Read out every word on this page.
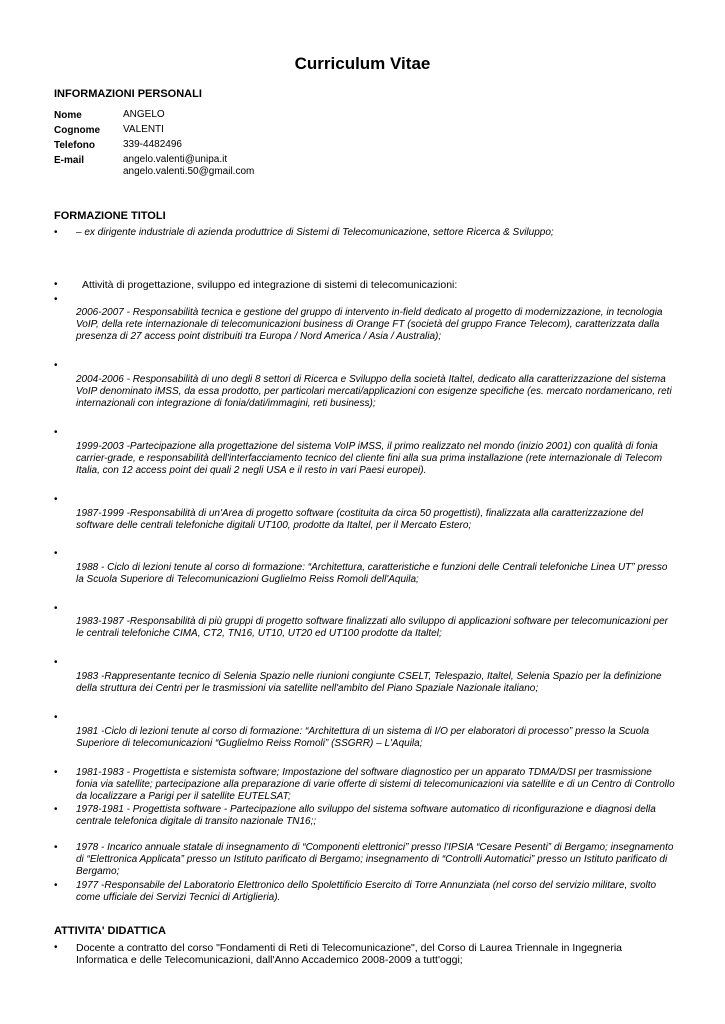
Curriculum Vitae
INFORMAZIONI PERSONALI
Nome	ANGELO
Cognome VALENTI
Telefono	339-4482496
E-mail	angelo.valenti@unipa.it
angelo.valenti.50@gmail.com
FORMAZIONE TITOLI
• – ex dirigente industriale di azienda produttrice di Sistemi di Telecomunicazione, settore Ricerca & Sviluppo;
• Attività di progettazione, sviluppo ed integrazione di sistemi di telecomunicazioni:
•
2006-2007 - Responsabilità tecnica e gestione del gruppo di intervento in-field dedicato al progetto di modernizzazione, in tecnologia VoIP, della rete internazionale di telecomunicazioni business di Orange FT (società del gruppo France Telecom), caratterizzata dalla presenza di 27 access point distribuiti tra Europa / Nord America / Asia / Australia);
•
2004-2006 - Responsabilità di uno degli 8 settori di Ricerca e Sviluppo della società Italtel, dedicato alla caratterizzazione del sistema VoIP denominato iMSS, da essa prodotto, per particolari mercati/applicazioni con esigenze specifiche (es. mercato nordamericano, reti internazionali con integrazione di fonia/dati/immagini, reti business);
•
1999-2003 -Partecipazione alla progettazione del sistema VoIP iMSS, il primo realizzato nel mondo (inizio 2001) con qualità di fonia carrier-grade, e responsabilità dell'interfacciamento tecnico del cliente fini alla sua prima installazione (rete internazionale di Telecom Italia, con 12 access point dei quali 2 negli USA e il resto in vari Paesi europei).
•
1987-1999 -Responsabilità di un'Area di progetto software (costituita da circa 50 progettisti), finalizzata alla caratterizzazione del software delle centrali telefoniche digitali UT100, prodotte da Italtel, per il Mercato Estero;
•
1988 - Ciclo di lezioni tenute al corso di formazione: “Architettura, caratteristiche e funzioni delle Centrali telefoniche Linea UT” presso la Scuola Superiore di Telecomunicazioni Guglielmo Reiss Romoli dell'Aquila;
•
1983-1987 -Responsabilità di più gruppi di progetto software finalizzati allo sviluppo di applicazioni software per telecomunicazioni per le centrali telefoniche CIMA, CT2, TN16, UT10, UT20 ed UT100 prodotte da Italtel;
•
1983 -Rappresentante tecnico di Selenia Spazio nelle riunioni congiunte CSELT, Telespazio, Italtel, Selenia Spazio per la definizione della struttura dei Centri per le trasmissioni via satellite nell'ambito del Piano Spaziale Nazionale italiano;
•
1981 -Ciclo di lezioni tenute al corso di formazione: “Architettura di un sistema di I/O per elaboratori di processo” presso la Scuola Superiore di telecomunicazioni “Guglielmo Reiss Romoli” (SSGRR) – L'Aquila;
• 1981-1983 - Progettista e sistemista software; Impostazione del software diagnostico per un apparato TDMA/DSI per trasmissione fonia via satellite; partecipazione alla preparazione di varie offerte di sistemi di telecomunicazioni via satellite e di un Centro di Controllo da localizzare a Parigi per il satellite EUTELSAT;
• 1978-1981 - Progettista software - Partecipazione allo sviluppo del sistema software automatico di riconfigurazione e diagnosi della centrale telefonica digitale di transito nazionale TN16;;
• 1978 - Incarico annuale statale di insegnamento di “Componenti elettronici” presso l'IPSIA “Cesare Pesenti” di Bergamo; insegnamento di “Elettronica Applicata” presso un Istituto parificato di Bergamo; insegnamento di “Controlli Automatici” presso un Istituto parificato di Bergamo;
• 1977 -Responsabile del Laboratorio Elettronico dello Spolettificio Esercito di Torre Annunziata (nel corso del servizio militare, svolto come ufficiale dei Servizi Tecnici di Artiglieria).
ATTIVITA' DIDATTICA
• Docente a contratto del corso "Fondamenti di Reti di Telecomunicazione", del Corso di Laurea Triennale in Ingegneria Informatica e delle Telecomunicazioni, dall'Anno Accademico 2008-2009 a tutt'oggi;
